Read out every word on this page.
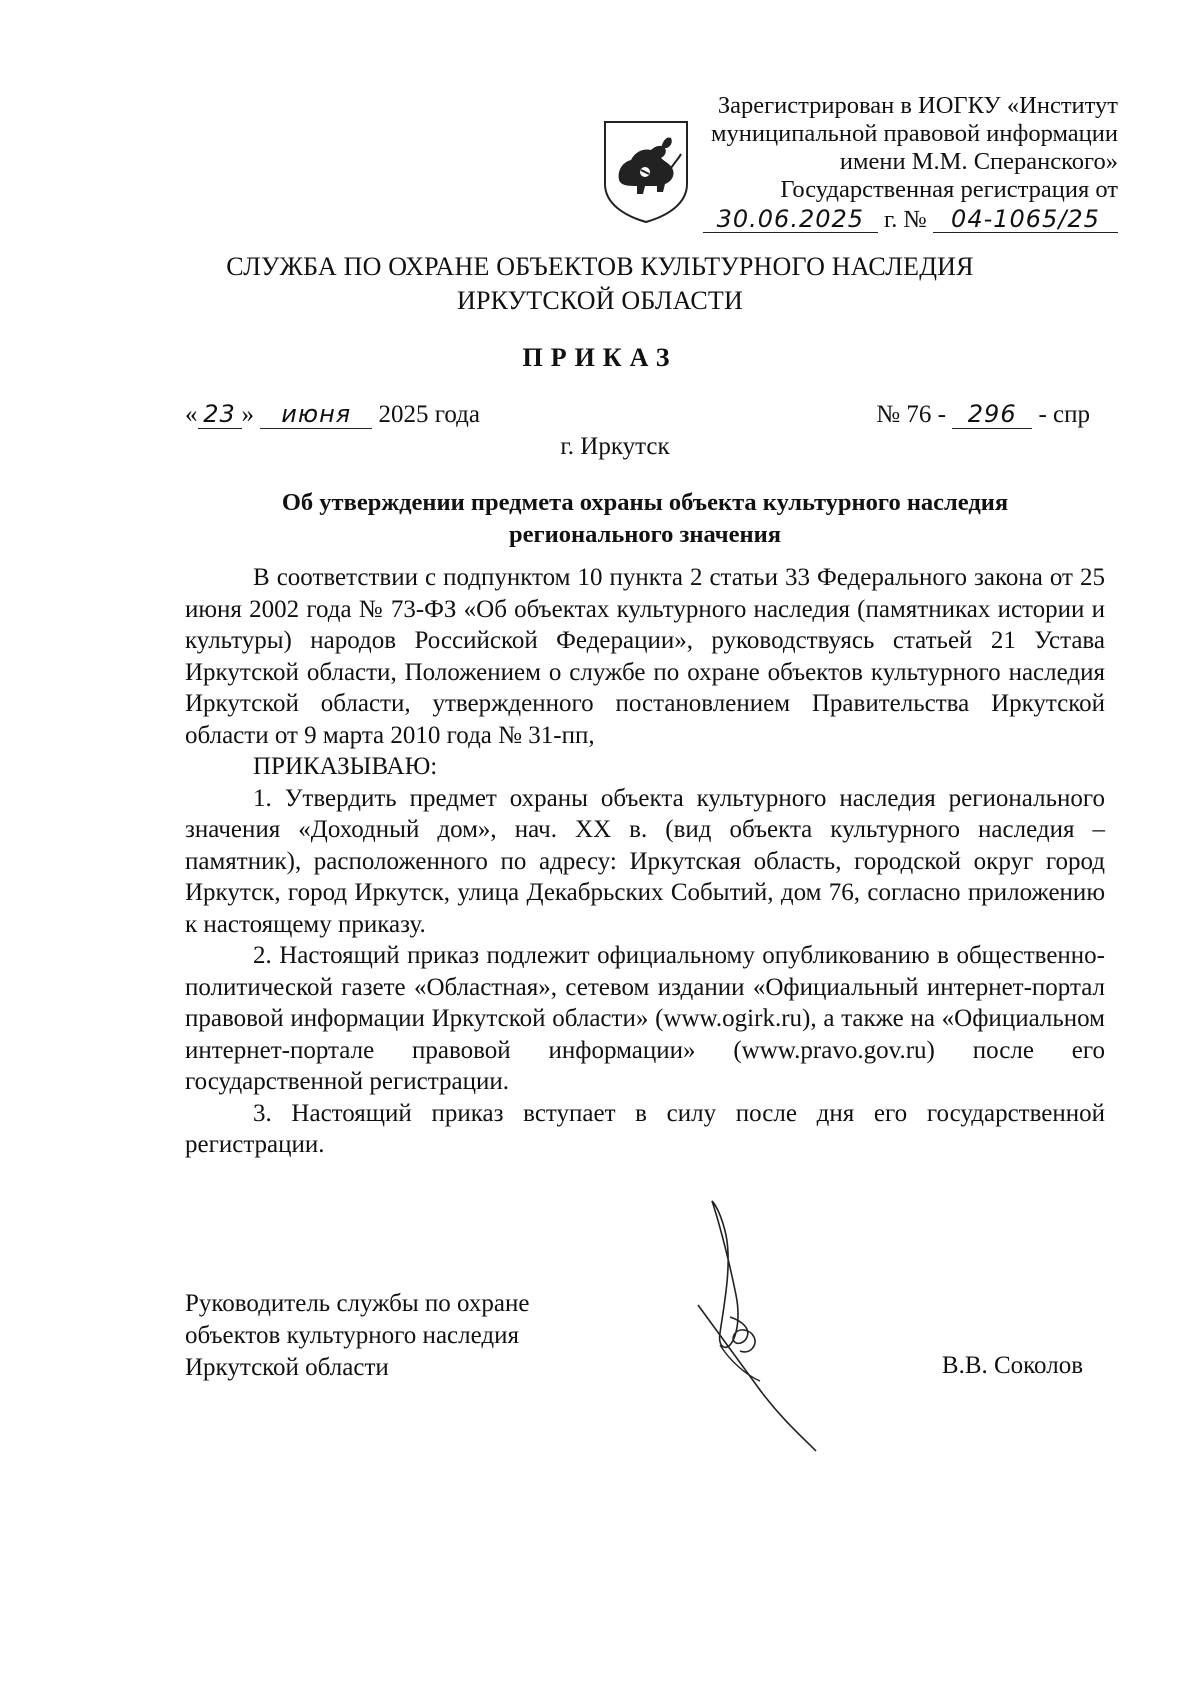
Зарегистрирован в ИОГКУ «Институт
муниципальной правовой информации
имени М.М. Сперанского»
Государственная регистрация от
30.06.2025 г. № 04-1065/25
СЛУЖБА ПО ОХРАНЕ ОБЪЕКТОВ КУЛЬТУРНОГО НАСЛЕДИЯ
ИРКУТСКОЙ ОБЛАСТИ
ПРИКАЗ
« 23 » июня 2025 года	№ 76 - 296 - спр
г. Иркутск
Об утверждении предмета охраны объекта культурного наследия
регионального значения

В соответствии с подпунктом 10 пункта 2 статьи 33 Федерального закона от 25 июня 2002 года № 73-ФЗ «Об объектах культурного наследия (памятниках истории и культуры) народов Российской Федерации», руководствуясь статьей 21 Устава Иркутской области, Положением о службе по охране объектов культурного наследия Иркутской области, утвержденного постановлением Правительства Иркутской области от 9 марта 2010 года № 31-пп,

ПРИКАЗЫВАЮ:

1. Утвердить предмет охраны объекта культурного наследия регионального значения «Доходный дом», нач. XX в. (вид объекта культурного наследия – памятник), расположенного по адресу: Иркутская область, городской округ город Иркутск, город Иркутск, улица Декабрьских Событий, дом 76, согласно приложению к настоящему приказу.

2. Настоящий приказ подлежит официальному опубликованию в общественно-политической газете «Областная», сетевом издании «Официальный интернет-портал правовой информации Иркутской области» (www.ogirk.ru), а также на «Официальном интернет-портале правовой информации» (www.pravo.gov.ru) после его государственной регистрации.

3. Настоящий приказ вступает в силу после дня его государственной регистрации.

Руководитель службы по охране
объектов культурного наследия
Иркутской области	В.В. Соколов
